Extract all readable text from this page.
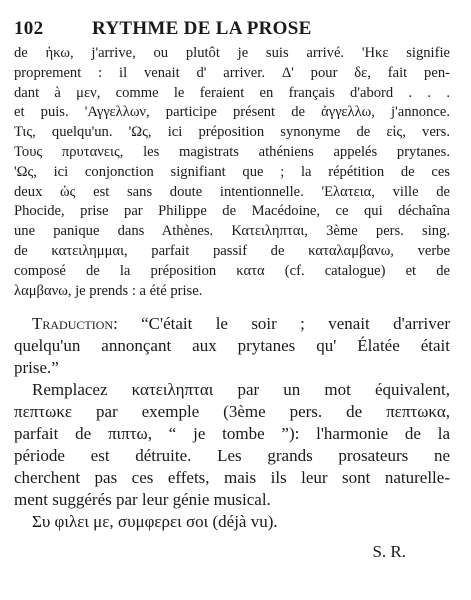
102	RYTHME DE LA PROSE
de ἡκω, j'arrive, ou plutôt je suis arrivé. 'Ηκε signifie
proprement : il venait d' arriver. Δ' pour δε, fait pen-
dant à μεν, comme le feraient en français d'abord . . .
et puis. 'Αγγελλων, participe présent de ἀγγελλω, j'annonce.
Τις, quelqu'un. 'Ως, ici préposition synonyme de εἰς, vers.
Τους πρυτανεις, les magistrats athéniens appelés prytanes.
'Ως, ici conjonction signifiant que ; la répétition de ces
deux ὡς est sans doute intentionnelle. 'Ελατεια, ville de
Phocide, prise par Philippe de Macédoine, ce qui déchaîna
une panique dans Athènes. Κατειληπται, 3ème pers. sing.
de κατειλημμαι, parfait passif de καταλαμβανω, verbe
composé de la préposition κατα (cf. catalogue) et de
λαμβανω, je prends : a été prise.
Traduction: “C'était le soir ; venait d'arriver
quelqu'un annonçant aux prytanes qu' Élatée était
prise.”
Remplacez κατειληπται par un mot équivalent,
πεπτωκε par exemple (3ème pers. de πεπτωκα,
parfait de πιπτω, “ je tombe ”): l'harmonie de la
période est détruite. Les grands prosateurs ne
cherchent pas ces effets, mais ils leur sont naturelle-
ment suggérés par leur génie musical.
Συ φιλει με, συμφερει σοι (déjà vu).
S. R.
